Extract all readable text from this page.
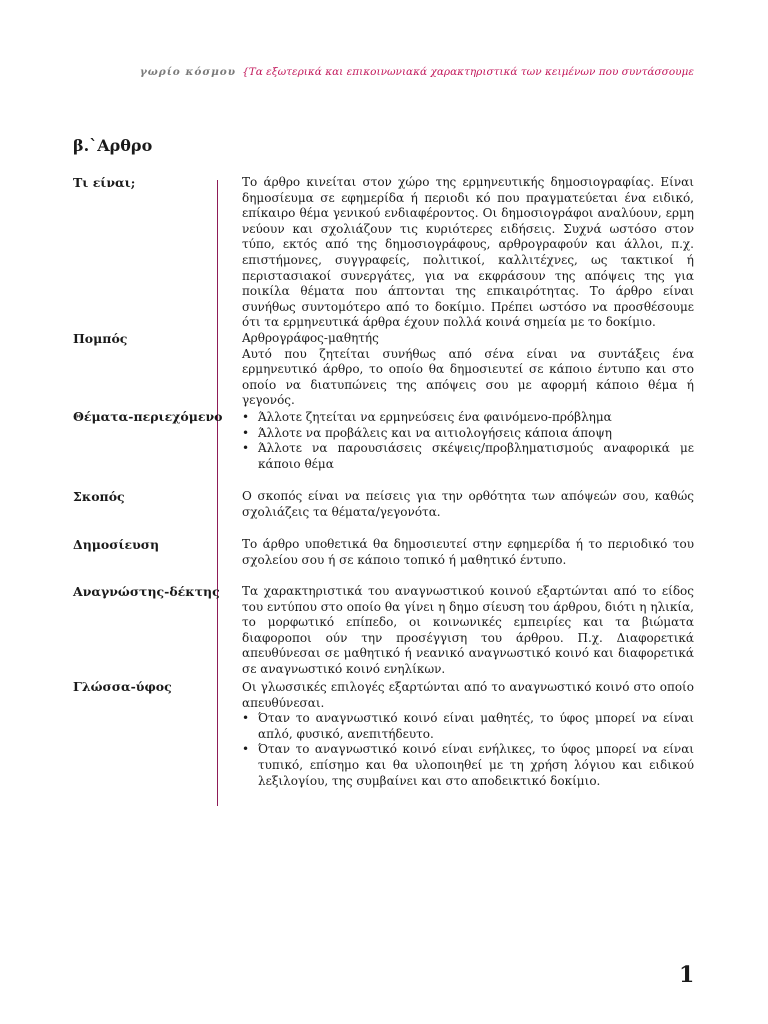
γωρίο κόσμου {Τα εξωτερικά και επικοινωνιακά χαρακτηριστικά των κειμένων που συντάσσουμε
β.`Αρθρο
Τι είναι;	Το άρθρο κινείται στον χώρο της ερμηνευτικής δημοσιογραφίας. Είναι δημοσίευμα σε εφημερίδα ή περιοδι κό που πραγματεύεται ένα ειδικό, επίκαιρο θέμα γενικού ενδιαφέροντος. Οι δημοσιογράφοι αναλύουν, ερμη νεύουν και σχολιάζουν τις κυριότερες ειδήσεις. Συχνά ωστόσο στον τύπο, εκτός από της δημοσιογράφους, αρθρογραφούν και άλλοι, π.χ. επιστήμονες, συγγραφείς, πολιτικοί, καλλιτέχνες, ως τακτικοί ή περιστασιακοί συνεργάτες, για να εκφράσουν της απόψεις της για ποικίλα θέματα που άπτονται της επικαιρότητας. Το άρθρο είναι συνήθως συντομότερο από το δοκίμιο. Πρέπει ωστόσο να προσθέσουμε ότι τα ερμηνευτικά άρθρα έχουν πολλά κοινά σημεία με το δοκίμιο.

Πομπός	Αρθρογράφος-μαθητής

Αυτό που ζητείται συνήθως από σένα είναι να συντάξεις ένα ερμηνευτικό άρθρο, το οποίο θα δημοσιευτεί σε κάποιο έντυπο και στο οποίο να διατυπώνεις της απόψεις σου με αφορμή κάποιο θέμα ή γεγονός.

Θέματα-περιεχόμενο
•	Άλλοτε ζητείται να ερμηνεύσεις ένα φαινόμενο-πρόβλημα
• Άλλοτε να προβάλεις και να αιτιολογήσεις κάποια άποψη
• Άλλοτε να παρουσιάσεις σκέψεις/προβληματισμούς αναφορικά με κάποιο θέμα
Σκοπός	Ο σκοπός είναι να πείσεις για την ορθότητα των απόψεών σου, καθώς σχολιάζεις τα θέματα/γεγονότα.

Δημοσίευση	Το άρθρο υποθετικά θα δημοσιευτεί στην εφημερίδα ή το περιοδικό του σχολείου σου ή σε κάποιο τοπικό ή μαθητικό έντυπο.

Αναγνώστης-δέκτης Τα χαρακτηριστικά του αναγνωστικού κοινού εξαρτώνται από το είδος του εντύπου στο οποίο θα γίνει η δημο σίευση του άρθρου, διότι η ηλικία, το μορφωτικό επίπεδο, οι κοινωνικές εμπειρίες και τα βιώματα διαφοροποι ούν την προσέγγιση του άρθρου. Π.χ. Διαφορετικά απευθύνεσαι σε μαθητικό ή νεανικό αναγνωστικό κοινό και διαφορετικά σε αναγνωστικό κοινό ενηλίκων.

Γλώσσα-ύφος	Οι γλωσσικές επιλογές εξαρτώνται από το αναγνωστικό κοινό στο οποίο απευθύνεσαι.

• Όταν το αναγνωστικό κοινό είναι μαθητές, το ύφος μπορεί να είναι απλό, φυσικό, ανεπιτήδευτο.
• Όταν το αναγνωστικό κοινό είναι ενήλικες, το ύφος μπορεί να είναι τυπικό, επίσημο και θα υλοποιηθεί με τη χρήση λόγιου και ειδικού λεξιλογίου, της συμβαίνει και στο αποδεικτικό δοκίμιο.
1
